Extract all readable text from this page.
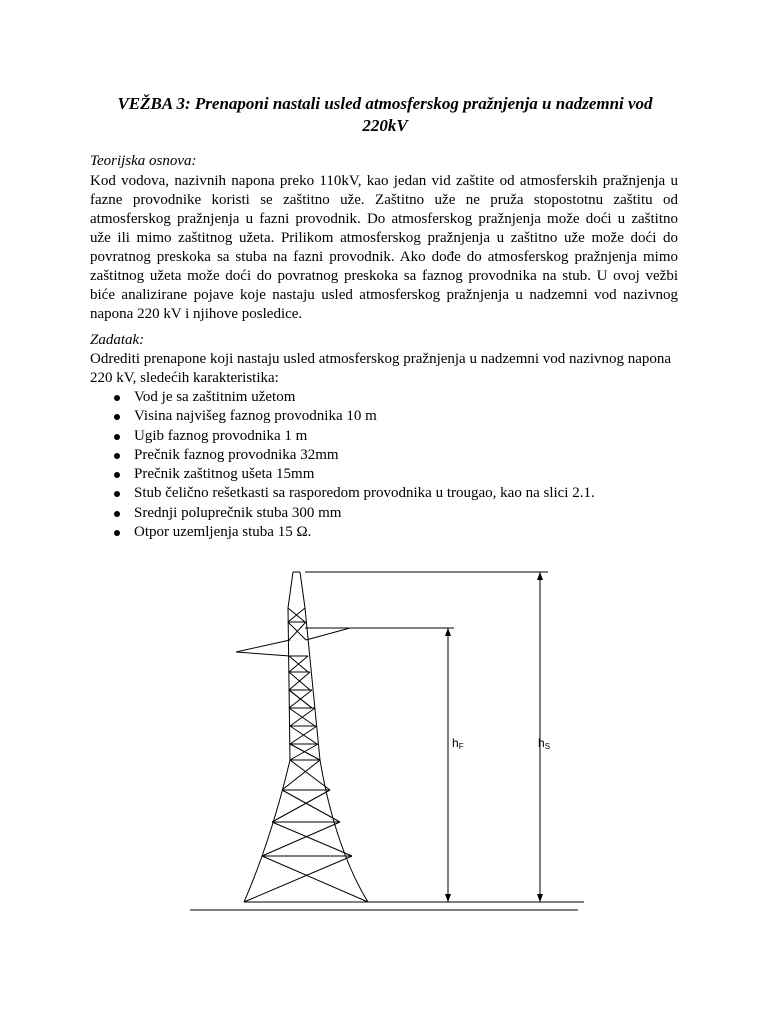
VEŽBA 3: Prenaponi nastali usled atmosferskog pražnjenja u nadzemni vod
220kV
Teorijska osnova:
Kod vodova, nazivnih napona preko 110kV, kao jedan vid zaštite od atmosferskih pražnjenja u
fazne provodnike koristi se zaštitno uže. Zaštitno uže ne pruža stopostotnu zaštitu od
atmosferskog pražnjenja u fazni provodnik. Do atmosferskog pražnjenja može doći u zaštitno
uže ili mimo zaštitnog užeta. Prilikom atmosferskog pražnjenja u zaštitno uže može doći do
povratnog preskoka sa stuba na fazni provodnik. Ako dođe do atmosferskog pražnjenja mimo
zaštitnog užeta može doći do povratnog preskoka sa faznog provodnika na stub. U ovoj vežbi
biće analizirane pojave koje nastaju usled atmosferskog pražnjenja u nadzemni vod nazivnog
napona 220 kV i njihove posledice.
Zadatak:
Odrediti prenapone koji nastaju usled atmosferskog pražnjenja u nadzemni vod nazivnog napona
220 kV, sledećih karakteristika:
Vod je sa zaštitnim užetom
Visina najvišeg faznog provodnika 10 m
Ugib faznog provodnika 1 m
Prečnik faznog provodnika 32mm
Prečnik zaštitnog ušeta 15mm
Stub čelično rešetkasti sa rasporedom provodnika u trougao, kao na slici 2.1.
Srednji poluprečnik stuba 300 mm
Otpor uzemljenja stuba 15 Ω.
hF	hS
